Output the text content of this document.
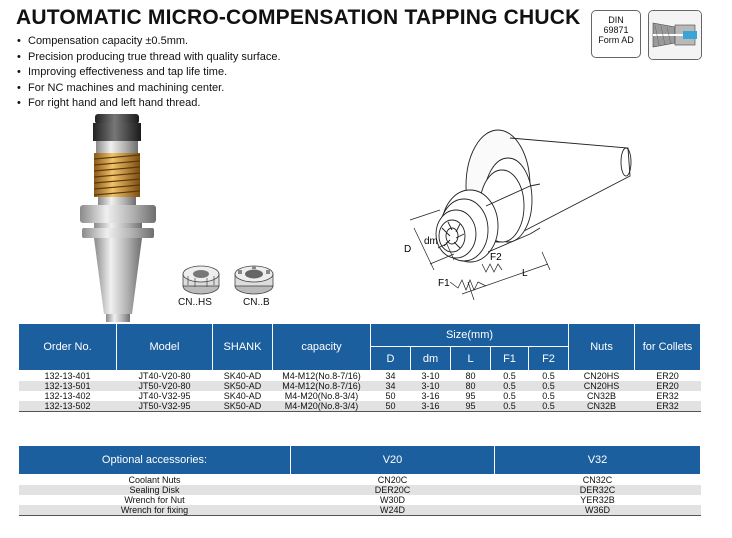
AUTOMATIC MICRO-COMPENSATION TAPPING CHUCK	DIN
69871
Form AD
• Compensation capacity ±0.5mm.
• Precision producing true thread with quality surface.
• Improving effectiveness and tap life time.
• For NC machines and machining center.
• For right hand and left hand thread.
CN..HS	CN..B
D
dm
L
F1
F2
Order No.	Model	SHANK	capacity	Size(mm)					Nuts	for Collets
				D	dm	L	F1	F2		
132-13-401	JT40-V20-80	SK40-AD	M4-M12(No.8-7/16)	34	3-10	80	0.5	0.5	CN20HS	ER20
132-13-501	JT50-V20-80	SK50-AD	M4-M12(No.8-7/16)	34	3-10	80	0.5	0.5	CN20HS	ER20
132-13-402	JT40-V32-95	SK40-AD	M4-M20(No.8-3/4)	50	3-16	95	0.5	0.5	CN32B	ER32
132-13-502	JT50-V32-95	SK50-AD	M4-M20(No.8-3/4)	50	3-16	95	0.5	0.5	CN32B	ER32
Optional accessories:	V20	V32
Coolant Nuts	CN20C	CN32C
Sealing Disk	DER20C	DER32C
Wrench for Nut	W30D	YER32B
Wrench for fixing	W24D	W36D
